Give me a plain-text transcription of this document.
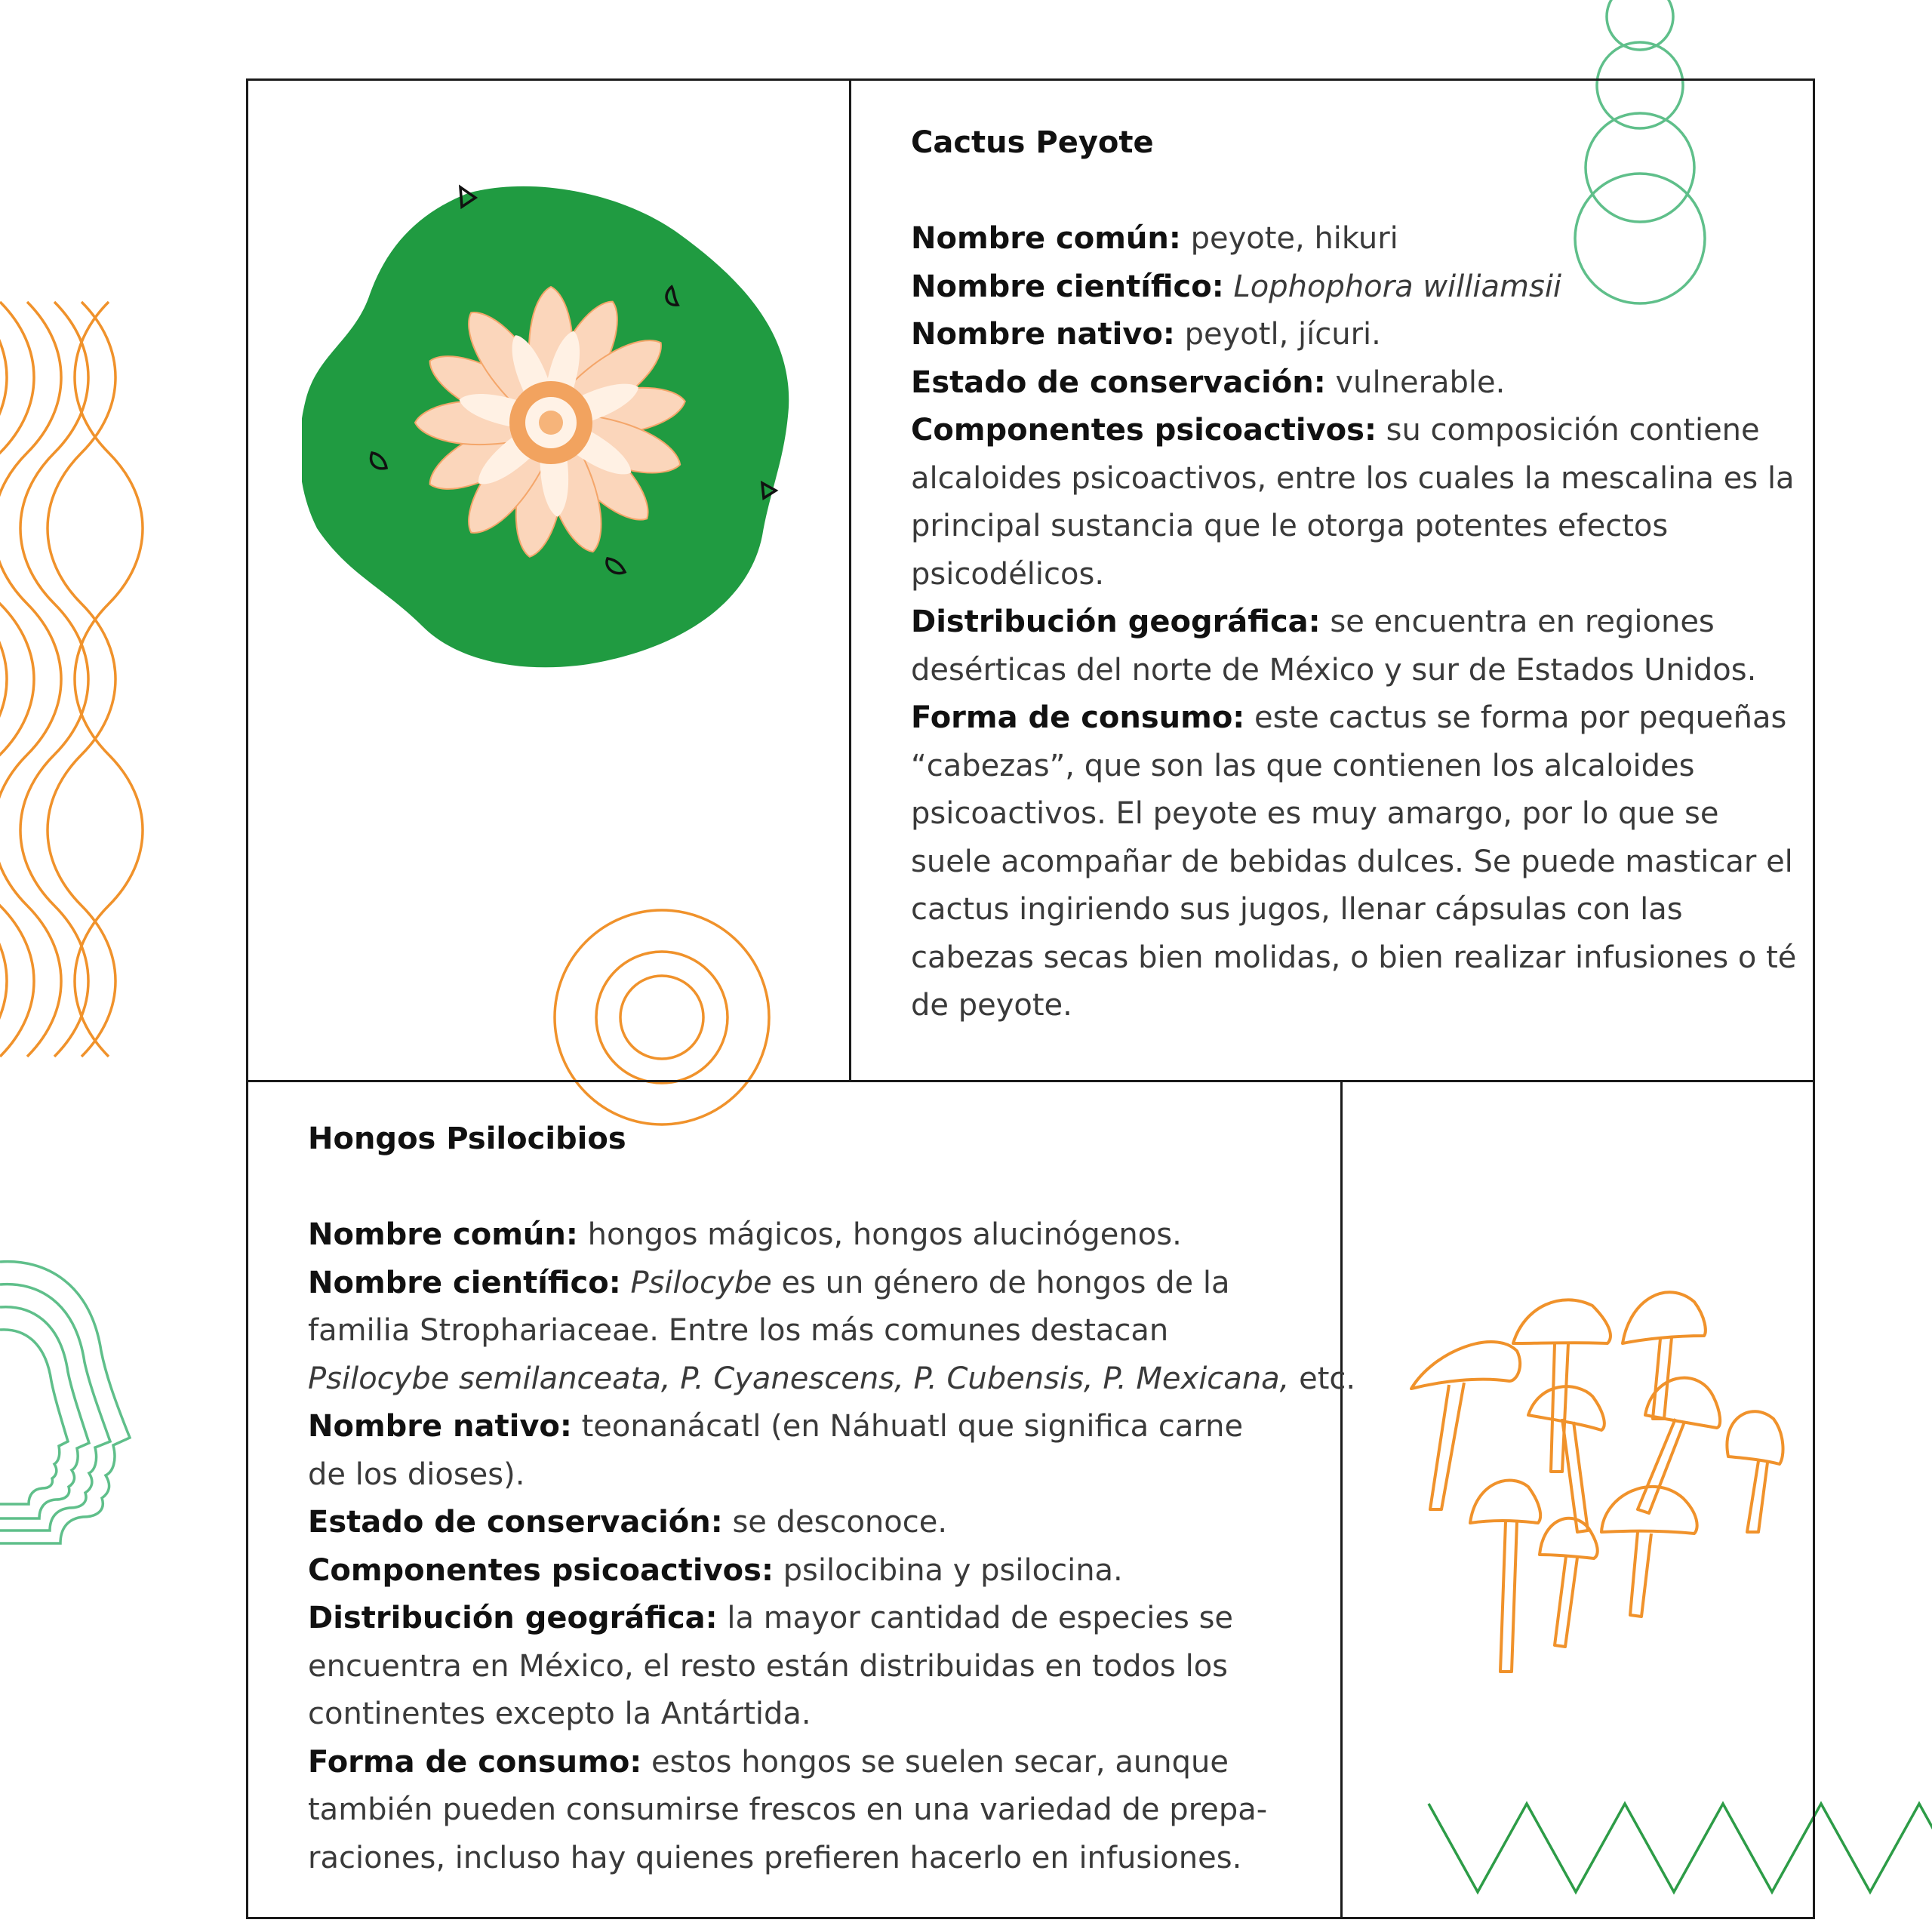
Cactus Peyote

Nombre común: peyote, hikuri

Nombre científico: Lophophora williamsii

Nombre nativo: peyotl, jícuri.

Estado de conservación: vulnerable.

Componentes psicoactivos: su composición contiene alcaloides psicoactivos, entre los cuales la mescalina es la principal sustancia que le otorga potentes efectos psicodélicos.

Distribución geográfica: se encuentra en regiones desérticas del norte de México y sur de Estados Unidos.

Forma de consumo: este cactus se forma por pequeñas “cabezas”, que son las que contienen los alcaloides psicoactivos. El peyote es muy amargo, por lo que se suele acompañar de bebidas dulces. Se puede masticar el cactus ingiriendo sus jugos, llenar cápsulas con las cabezas secas bien molidas, o bien realizar infusiones o té de peyote.

Hongos Psilocibios
Nombre común: hongos mágicos, hongos alucinógenos.
Nombre científico: Psilocybe es un género de hongos de la
familia Strophariaceae. Entre los más comunes destacan
Psilocybe semilanceata, P. Cyanescens, P. Cubensis, P. Mexicana, etc.
Nombre nativo: teonanácatl (en Náhuatl que significa carne
de los dioses).
Estado de conservación: se desconoce.
Componentes psicoactivos: psilocibina y psilocina.
Distribución geográfica: la mayor cantidad de especies se
encuentra en México, el resto están distribuidas en todos los
continentes excepto la Antártida.
Forma de consumo: estos hongos se suelen secar, aunque
también pueden consumirse frescos en una variedad de prepa-
raciones, incluso hay quienes prefieren hacerlo en infusiones.
